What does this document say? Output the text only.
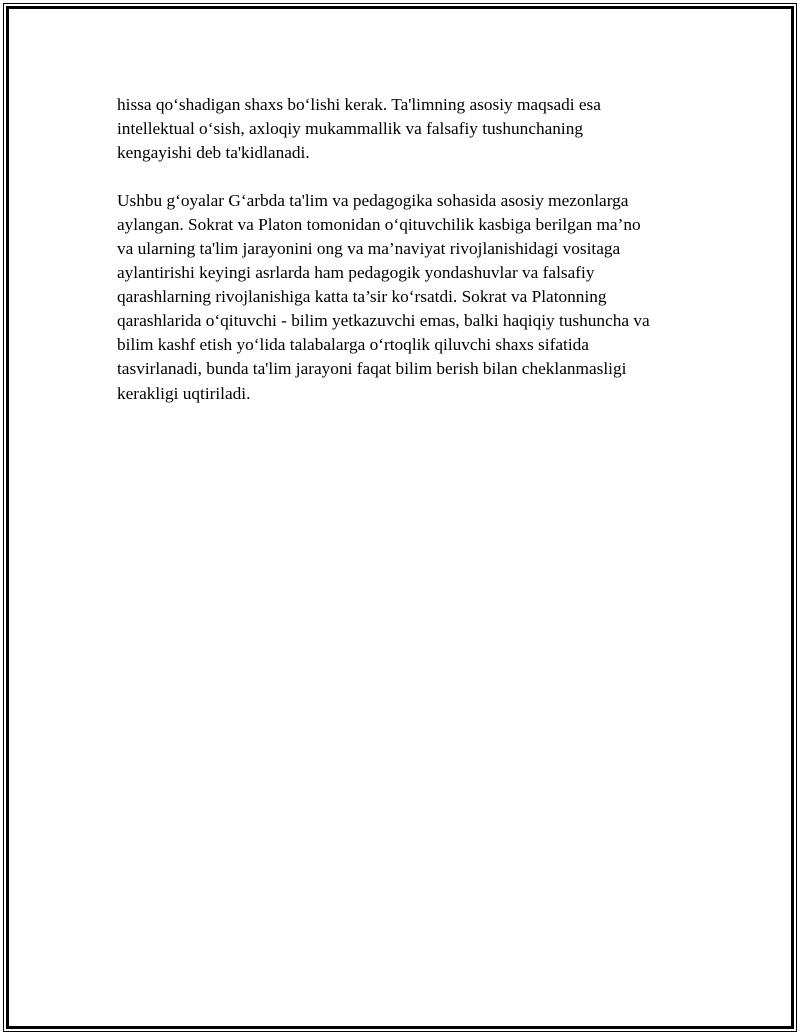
hissa qo‘shadigan shaxs bo‘lishi kerak. Ta'limning asosiy maqsadi esa
intellektual o‘sish, axloqiy mukammallik va falsafiy tushunchaning
kengayishi deb ta'kidlanadi.
Ushbu g‘oyalar G‘arbda ta'lim va pedagogika sohasida asosiy mezonlarga
aylangan. Sokrat va Platon tomonidan o‘qituvchilik kasbiga berilgan ma’no
va ularning ta'lim jarayonini ong va ma’naviyat rivojlanishidagi vositaga
aylantirishi keyingi asrlarda ham pedagogik yondashuvlar va falsafiy
qarashlarning rivojlanishiga katta ta’sir ko‘rsatdi. Sokrat va Platonning
qarashlarida o‘qituvchi - bilim yetkazuvchi emas, balki haqiqiy tushuncha va
bilim kashf etish yo‘lida talabalarga o‘rtoqlik qiluvchi shaxs sifatida
tasvirlanadi, bunda ta'lim jarayoni faqat bilim berish bilan cheklanmasligi
kerakligi uqtiriladi.
